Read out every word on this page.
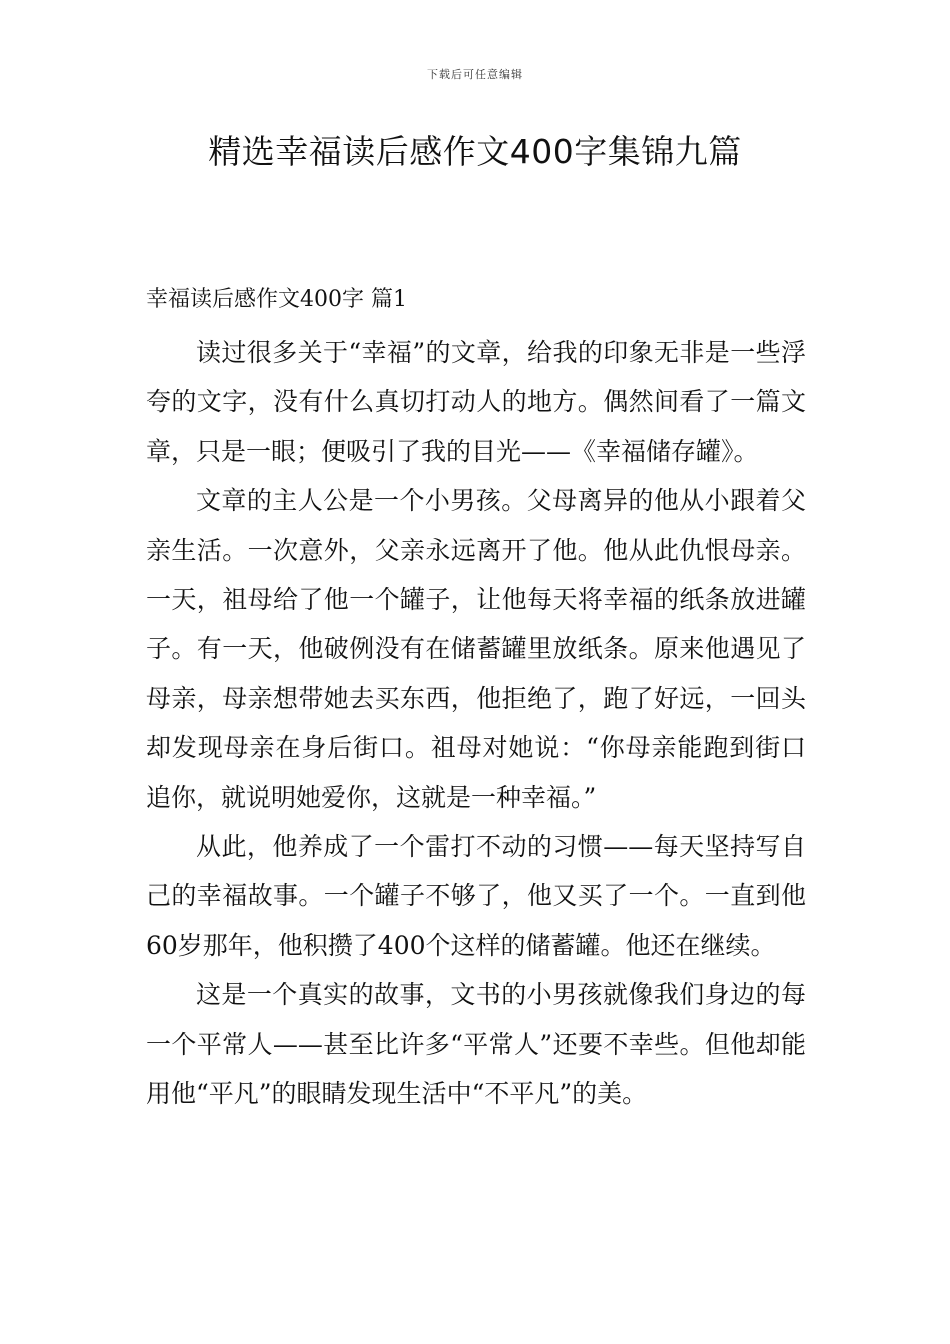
下载后可任意编辑
精选幸福读后感作文400字集锦九篇
幸福读后感作文400字 篇1

读过很多关于“幸福”的文章，给我的印象无非是一些浮夸的文字，没有什么真切打动人的地方。偶然间看了一篇文章，只是一眼；便吸引了我的目光——《幸福储存罐》。

文章的主人公是一个小男孩。父母离异的他从小跟着父亲生活。一次意外，父亲永远离开了他。他从此仇恨母亲。一天，祖母给了他一个罐子，让他每天将幸福的纸条放进罐子。有一天，他破例没有在储蓄罐里放纸条。原来他遇见了母亲，母亲想带她去买东西，他拒绝了，跑了好远，一回头却发现母亲在身后街口。祖母对她说：“你母亲能跑到街口追你，就说明她爱你，这就是一种幸福。”

从此，他养成了一个雷打不动的习惯——每天坚持写自己的幸福故事。一个罐子不够了，他又买了一个。一直到他60岁那年，他积攒了400个这样的储蓄罐。他还在继续。

这是一个真实的故事，文书的小男孩就像我们身边的每一个平常人——甚至比许多“平常人”还要不幸些。但他却能用他“平凡”的眼睛发现生活中“不平凡”的美。
